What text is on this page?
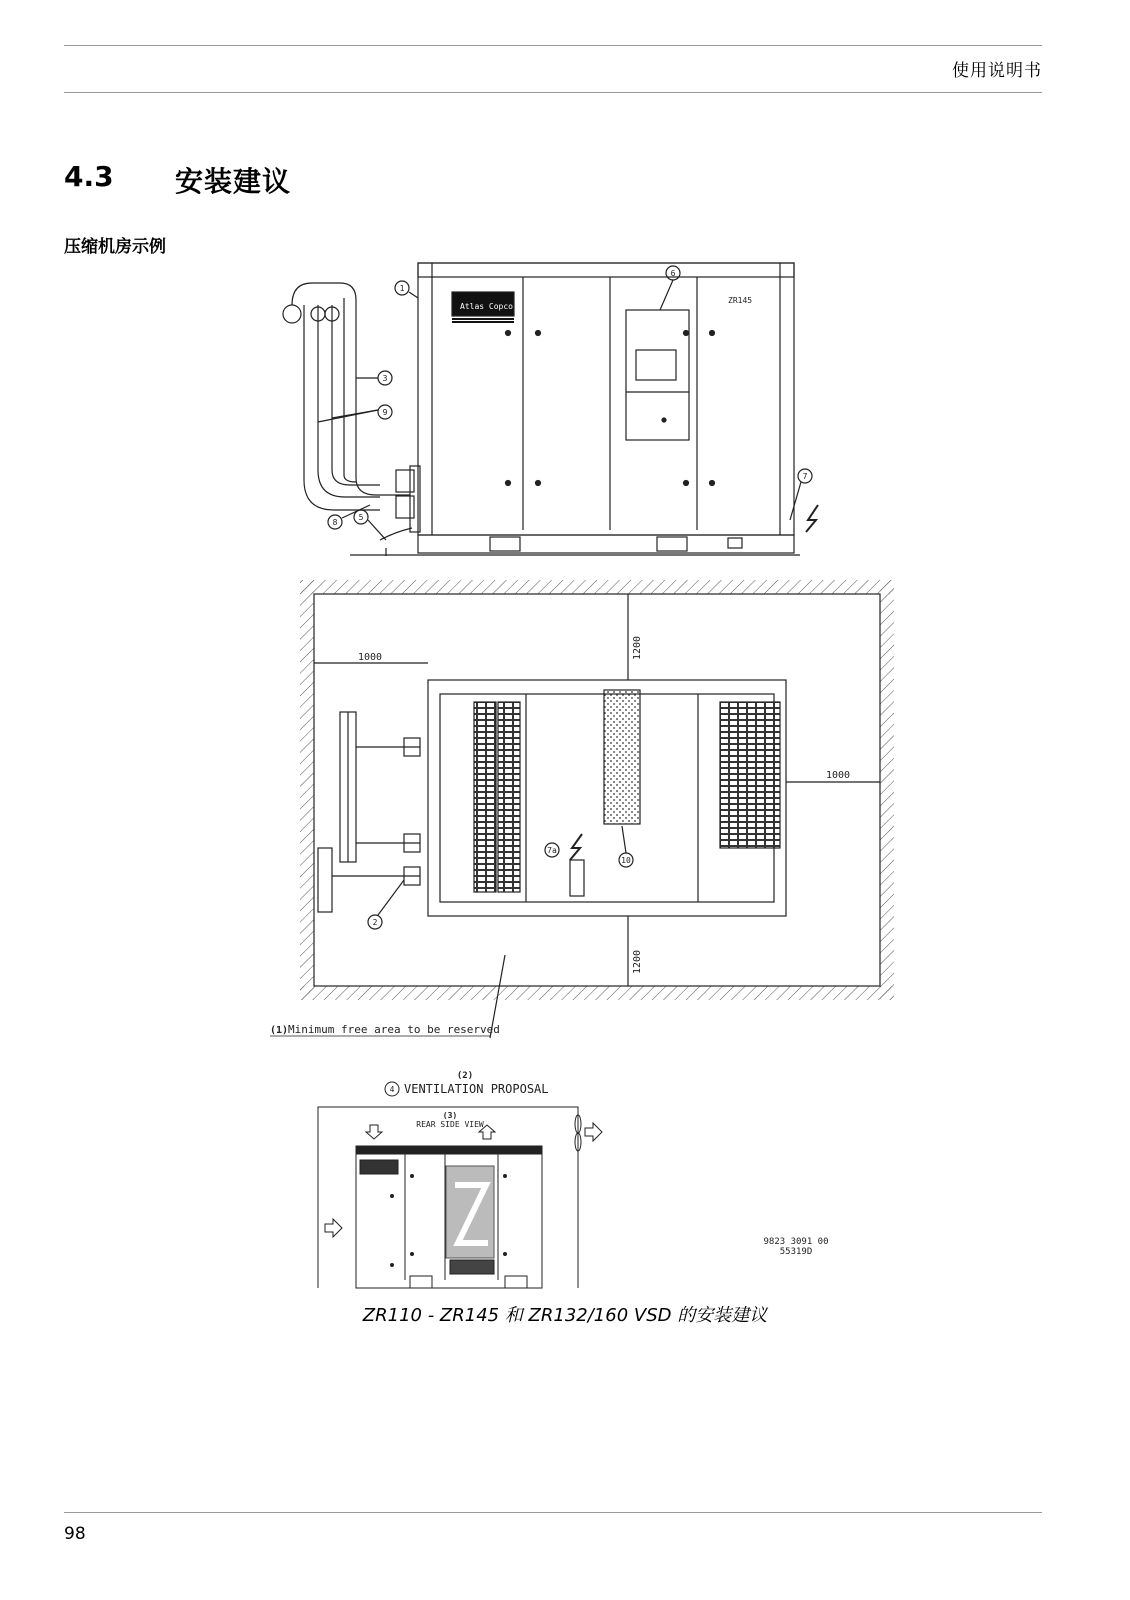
使用说明书
4.3 安装建议
压缩机房示例
Atlas Copco
ZR145
1
3
5
6
7
8
9
1000
1000
1200
1200
2
7a
10
(1) Minimum free area to be reserved
(2)
4 VENTILATION PROPOSAL
(3)
REAR SIDE VIEW
9823 3091 00
55319D
ZR110 - ZR145 和 ZR132/160 VSD 的安装建议
98
